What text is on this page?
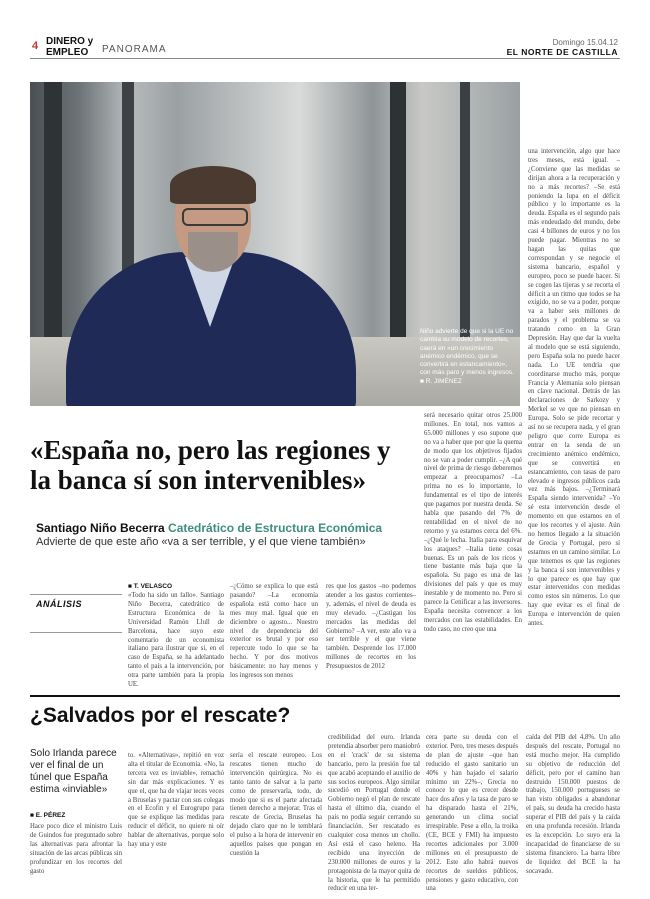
4 DINERO y EMPLEO	PANORAMA
Domingo 15.04.12
EL NORTE DE CASTILLA
Niño advierte de que si la UE no cambia su modelo de recortes, caerá en «un crecimiento anémico endémico, que se convertirá en estancamiento», con más paro y menos ingresos. ■ R. JIMÉNEZ
«España no, pero las regiones y la banca sí son intervenibles»
Santiago Niño Becerra Catedrático de Estructura Económica
Advierte de que este año «va a ser terrible, y el que viene también»
ANÁLISIS
■ T. VELASCO
«Todo ha sido un fallo». Santiago Niño Becerra, catedrático de Estructura Económica de la Universidad Ramón Llull de Barcelona, hace suyo este comentario de un economista italiano para ilustrar que si, en el caso de España, se ha adelantado tanto el país a la intervención, por otra parte también para la propia UE.
–¿Cómo se explica lo que está pasando? –La economía española está como hace un mes muy mal. Igual que en diciembre o agosto... Nuestro nivel de dependencia del exterior es brutal y por eso repercute todo lo que se ha hecho. Y por dos motivos básicamente: no hay menos y los ingresos son menos
res que los gastos –no podemos atender a los gastos corrientes– y, además, el nivel de deuda es muy elevado. –¿Castigan los mercados las medidas del Gobierno? –A ver, este año va a ser terrible y el que viene también. Desprende los 17.000 millones de recortes en los Presupuestos de 2012
será necesario quitar otros 25.000 millones. En total, nos vamos a 65.000 millones y eso supone que no va a haber que por que la quema de modo que los objetivos fijados no se van a poder cumplir. –¿A qué nivel de prima de riesgo deberemos empezar a preocuparnos? –La prima no es lo importante, lo fundamental es el tipo de interés que pagamos por nuestra deuda. Se habla que pasando del 7% de rentabilidad en el nivel de no retorno y ya estamos cerca del 6%. –¿Qué le lecha. Italia para esquivar los ataques? –Italia tiene cosas buenas. Es un país de los ricos y tiene bastante más baja que la española. Su pago es una de las divisiones del país y que es muy inestable y de momento no. Pero si parece la Cenificar a las inversores. España necesita convencer a los mercados con las estabilidades. En todo caso, no creo que una
una intervención, algo que hace tres meses, está igual. –¿Conviene que las medidas se dirijan ahora a la recuperación y no a más recortes? –Se está poniendo la lupa en el déficit público y lo importante es la deuda. España es el segundo país más endeudado del mundo, debe casi 4 billones de euros y no los puede pagar. Mientras no se hagan las quitas que correspondan y se negocie el sistema bancario, español y europeo, poco se puede hacer. Si se cogen las tijeras y se recorta el déficit a un ritmo que todos se ha exigido, no se va a poder, porque va a haber seis millones de parados y el problema se va tratando como en la Gran Depresión. Hay que dar la vuelta al modelo que se está siguiendo, pero España sola no puede hacer nada. Lo UE tendría que coordinarse mucho más, porque Francia y Alemania solo piensan en clave nacional. Detrás de las declaraciones de Sarkozy y Merkel se ve que no piensan en Europa. Solo se pide recortar y así no se recupera nada, y el gran peligro que corre Europa es entrar en la senda de un crecimiento anémico endémico, que se convertirá en estancamiento, con tasas de paro elevado e ingresos públicos cada vez más bajos. –¿Terminará España siendo intervenida? –Yo sé esta intervención desde el momento en que estamos en el que los recortes y el ajuste. Aún no hemos llegado a la situación de Grecia y Portugal, pero sí estamos en un camino similar. Lo que tenemos es que las regiones y la banca sí son intervenibles y lo que parece es que hay que estar intervenidos con medidas como estos sin números. Lo que hay que evitar es el final de Europa e intervención de quien antes.
¿Salvados por el rescate?
Solo Irlanda parece ver el final de un túnel que España estima «inviable»
■ E. PÉREZ
Hace poco dice el ministro Luis de Guindos fue preguntado sobre las alternativas para afrontar la situación de las arcas públicas sin profundizar en los recortes del gasto
to. «Alternativas», repitió en voz alta el titular de Economía. «No, la tercera vez es inviable», remachó sin dar más explicaciones. Y es que el, que ha de viajar teces veces a Bruselas y pactar con sus colegas en el Ecofin y el Eurogrupo para que se explique las medidas para reducir el déficit, no quiere ni oír hablar de alternativas, porque solo hay una y este
sería el rescate europeo. Los rescates tienen mucho de intervención quirúrgica. No es tanto tanto de salvar a la parte como de preservarla, todo, de modo que si es el parte afectada tienen derecho a mejorar. Tras el rescate de Grecia, Bruselas ha dejado claro que no le temblará el pulso a la hora de intervenir en aquellos países que pongan en cuestión la
credibilidad del euro. Irlanda pretendía absorber pero maniobró en el 'crack' de su sistema bancario, pero la presión fue tal que acabó aceptando el auxilio de sus socios europeos. Algo similar sucedió en Portugal donde el Gobierno negó el plan de rescate hasta el último día, cuando el país no podía seguir cerrando su financiación. Ser rescatado es cualquier cosa menos un chollo. Así está el caso heleno. Ha recibido una inyección de 230.000 millones de euros y la protagonista de la mayor quita de la historia, que le ha permitido reducir en una ter-
cera parte su deuda con el exterior. Pero, tres meses después de plan de ajuste –que han reducido el gasto sanitario un 40% y han bajado el salario mínimo un 22%–, Grecia no conoce lo que es crecer desde hace dos años y la tasa de paro se ha disparado hasta el 21%, generando un clima social irrespirable. Pese a ello, la troika (CE, BCE y FMI) ha impuesto recortes adicionales por 3.000 millones en el presupuesto de 2012. Este año habrá nuevos recortes de sueldos públicos, pensiones y gasto educativo, con una
caída del PIB del 4,8%. Un año después del rescate, Portugal no está mucho mejor. Ha cumplido su objetivo de reducción del déficit, pero por el camino han destruido 150.000 puestos de trabajo, 150.000 portugueses se han visto obligados a abandonar el país, su deuda ha crecido hasta superar el PIB del país y la caída en una profunda recesión. Irlanda es la excepción. Lo suyo era la incapacidad de financiarse de su sistema financiero. La barra libre de liquidez del BCE la ha socavado.
